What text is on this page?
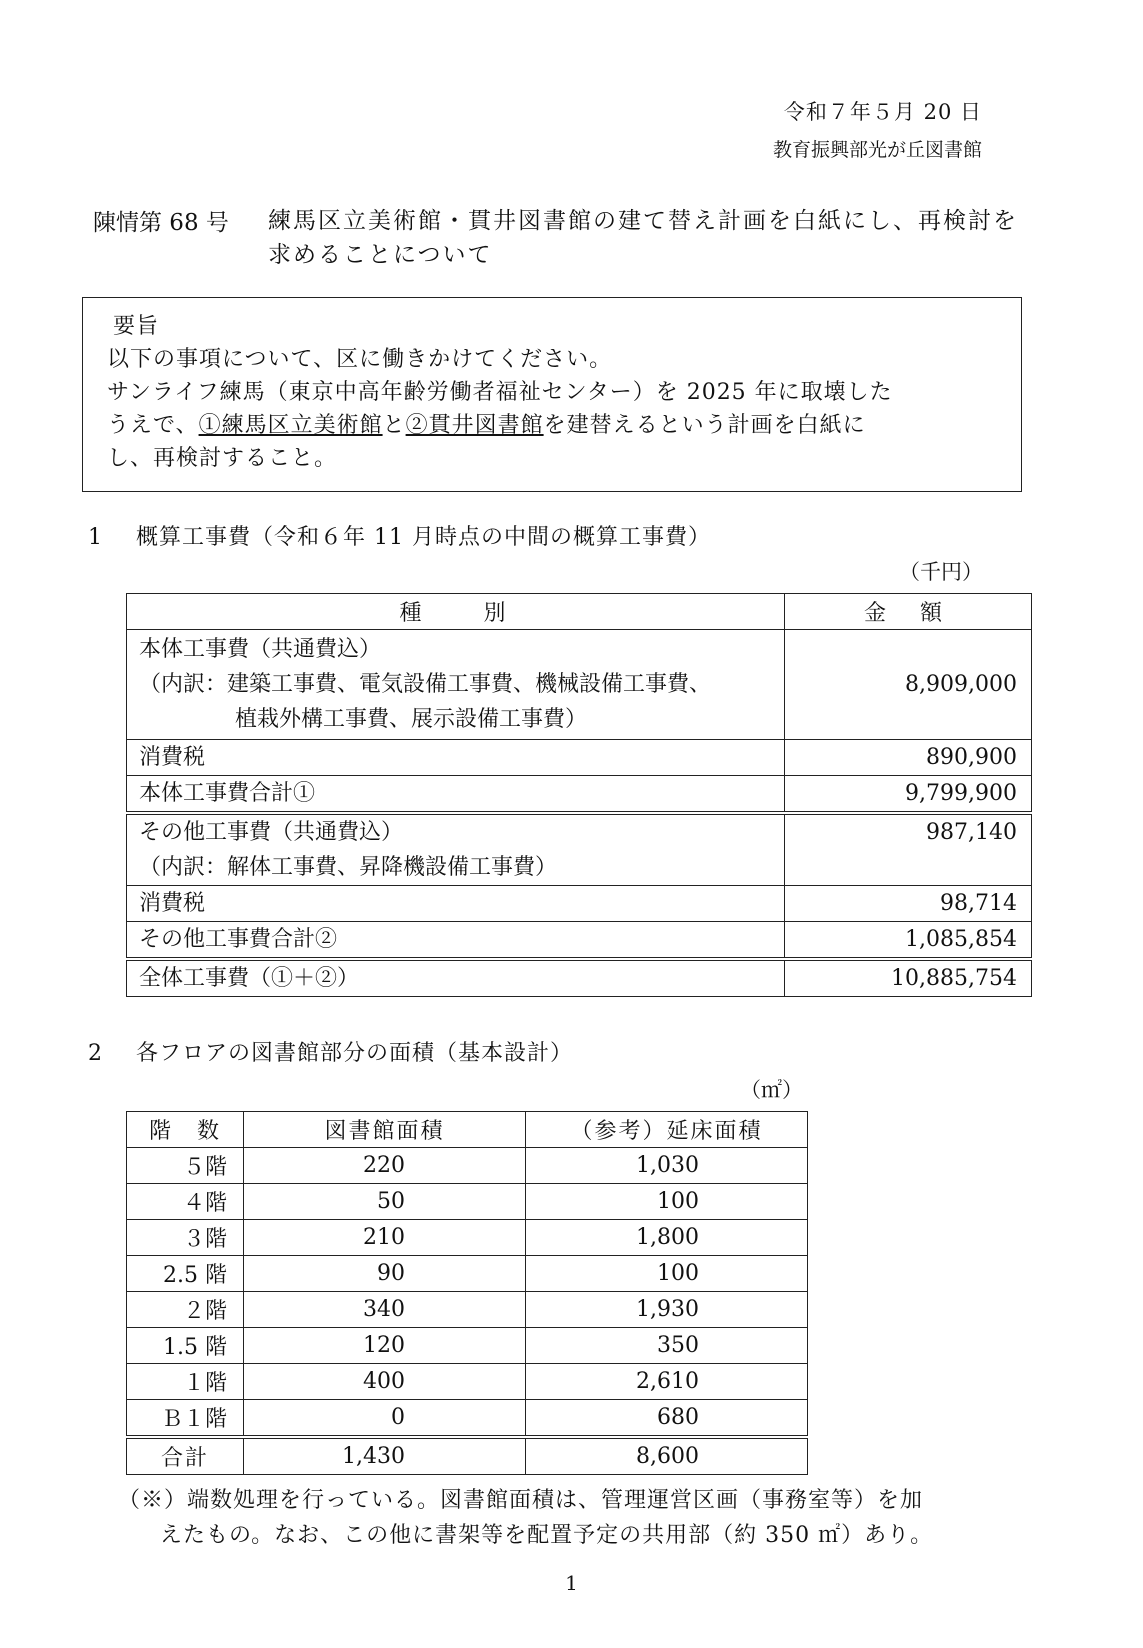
令和７年５月 20 日
教育振興部光が丘図書館
陳情第 68 号 練馬区立美術館・貫井図書館の建て替え計画を白紙にし、再検討を求めることについて
要旨
以下の事項について、区に働きかけてください。
サンライフ練馬（東京中高年齢労働者福祉センター）を 2025 年に取壊した
うえで、①練馬区立美術館と②貫井図書館を建替えるという計画を白紙に
し、再検討すること。
1 概算工事費（令和６年 11 月時点の中間の概算工事費）
（千円）
種　　別	金　額

本体工事費（共通費込）
（内訳：建築工事費、電気設備工事費、機械設備工事費、
植栽外構工事費、展示設備工事費）	8,909,000
消費税	890,900
本体工事費合計①	9,799,900

その他工事費（共通費込）
（内訳：解体工事費、昇降機設備工事費）	987,140
消費税	98,714
その他工事費合計②	1,085,854
全体工事費（①＋②）	10,885,754
2 各フロアの図書館部分の面積（基本設計）
（㎡）
階　数	図書館面積	（参考）延床面積
５階	220	1,030
４階	50	100
３階	210	1,800
2.5 階	90	100
２階	340	1,930
1.5 階	120	350
１階	400	2,610
Ｂ１階	0	680
合計	1,430	8,600
（※）端数処理を行っている。図書館面積は、管理運営区画（事務室等）を加
えたもの。なお、この他に書架等を配置予定の共用部（約 350 ㎡）あり。
1
